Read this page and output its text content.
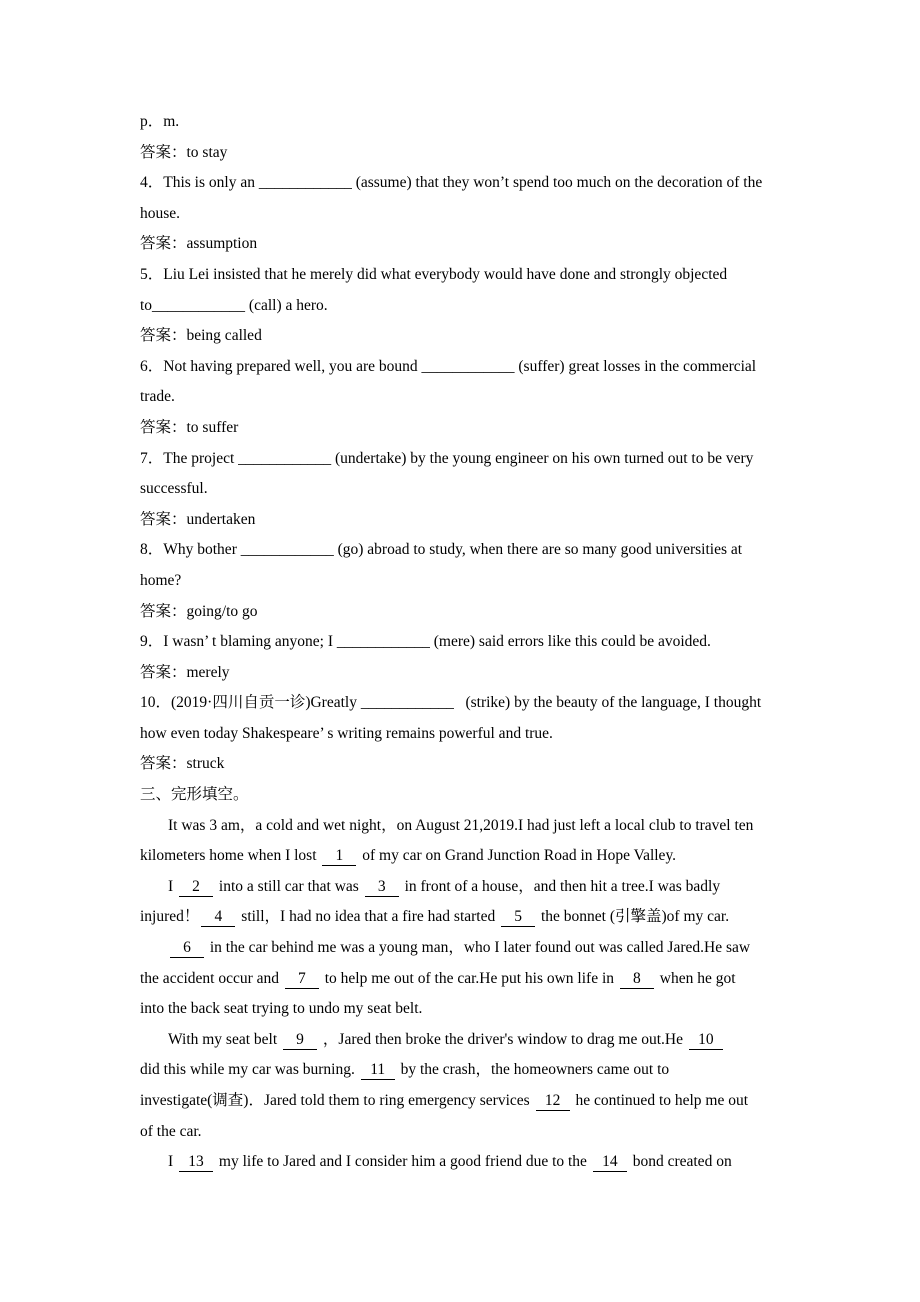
p．m.
答案：to stay
4．This is only an ____________ (assume) that they won’t spend too much on the decoration of the
house.
答案：assumption
5．Liu Lei insisted that he merely did what everybody would have done and strongly objected
to____________ (call) a hero.
答案：being called
6．Not having prepared well, you are bound ____________ (suffer) great losses in the commercial
trade.
答案：to suffer
7．The project ____________ (undertake) by the young engineer on his own turned out to be very
successful.
答案：undertaken
8．Why bother ____________ (go) abroad to study, when there are so many good universities at
home?
答案：going/to go
9．I wasn’ t blaming anyone; I ____________ (mere) said errors like this could be avoided.
答案：merely
10．(2019·四川自贡一诊)Greatly ____________   (strike) by the beauty of the language, I thought
how even today Shakespeare’ s writing remains powerful and true.
答案：struck
三、完形填空。
It was 3 am，a cold and wet night，on August 21,2019.I had just left a local club to travel ten
kilometers home when I lost 1 of my car on Grand Junction Road in Hope Valley.
I 2 into a still car that was 3 in front of a house，and then hit a tree.I was badly
injured！ 4 still，I had no idea that a fire had started 5 the bonnet (引擎盖)of my car.
6 in the car behind me was a young man，who I later found out was called Jared.He saw
the accident occur and 7 to help me out of the car.He put his own life in 8 when he got
into the back seat trying to undo my seat belt.
With my seat belt 9 ，Jared then broke the driver's window to drag me out.He 10
did this while my car was burning. 11 by the crash，the homeowners came out to
investigate(调查)．Jared told them to ring emergency services 12 he continued to help me out
of the car.
I 13 my life to Jared and I consider him a good friend due to the 14 bond created on
